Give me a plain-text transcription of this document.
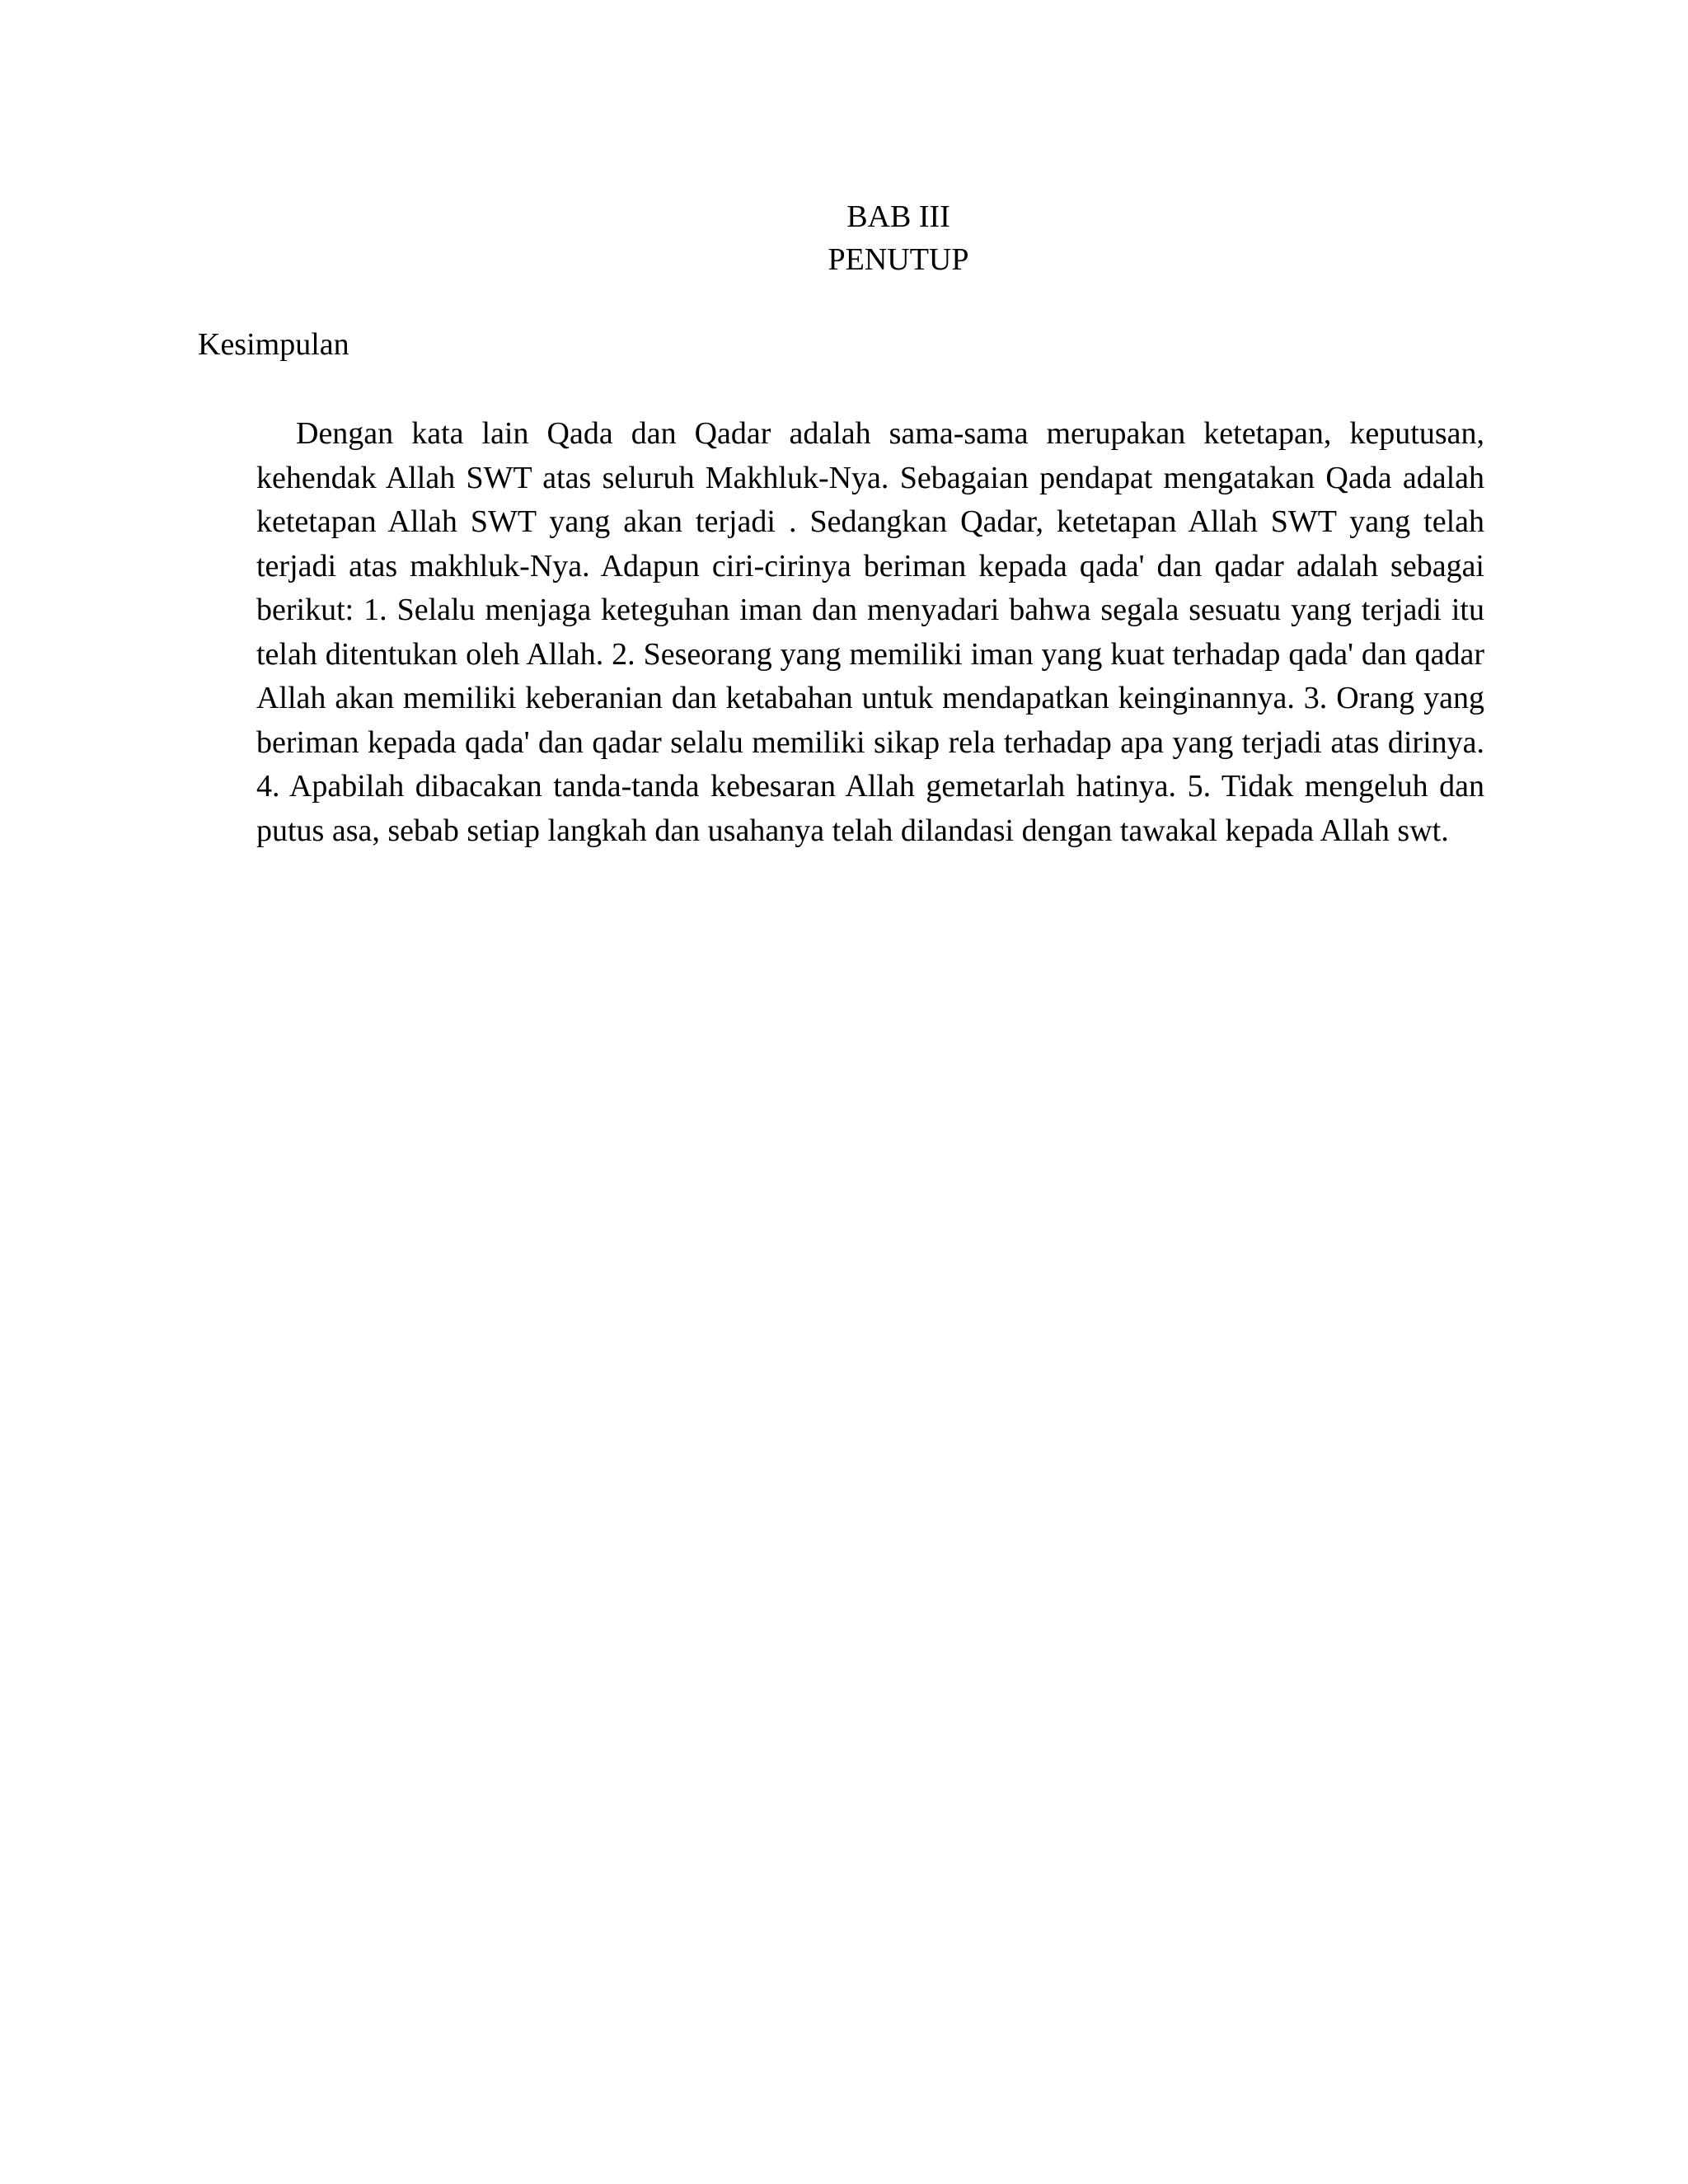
BAB III
PENUTUP
Kesimpulan

Dengan kata lain Qada dan Qadar adalah sama-sama merupakan ketetapan, keputusan, kehendak Allah SWT atas seluruh Makhluk-Nya. Sebagaian pendapat mengatakan Qada adalah ketetapan Allah SWT yang akan terjadi . Sedangkan Qadar, ketetapan Allah SWT yang telah terjadi atas makhluk-Nya. Adapun ciri-cirinya beriman kepada qada' dan qadar adalah sebagai berikut: 1. Selalu menjaga keteguhan iman dan menyadari bahwa segala sesuatu yang terjadi itu telah ditentukan oleh Allah. 2. Seseorang yang memiliki iman yang kuat terhadap qada' dan qadar Allah akan memiliki keberanian dan ketabahan untuk mendapatkan keinginannya. 3. Orang yang beriman kepada qada' dan qadar selalu memiliki sikap rela terhadap apa yang terjadi atas dirinya. 4. Apabilah dibacakan tanda-tanda kebesaran Allah gemetarlah hatinya. 5. Tidak mengeluh dan putus asa, sebab setiap langkah dan usahanya telah dilandasi dengan tawakal kepada Allah swt.
